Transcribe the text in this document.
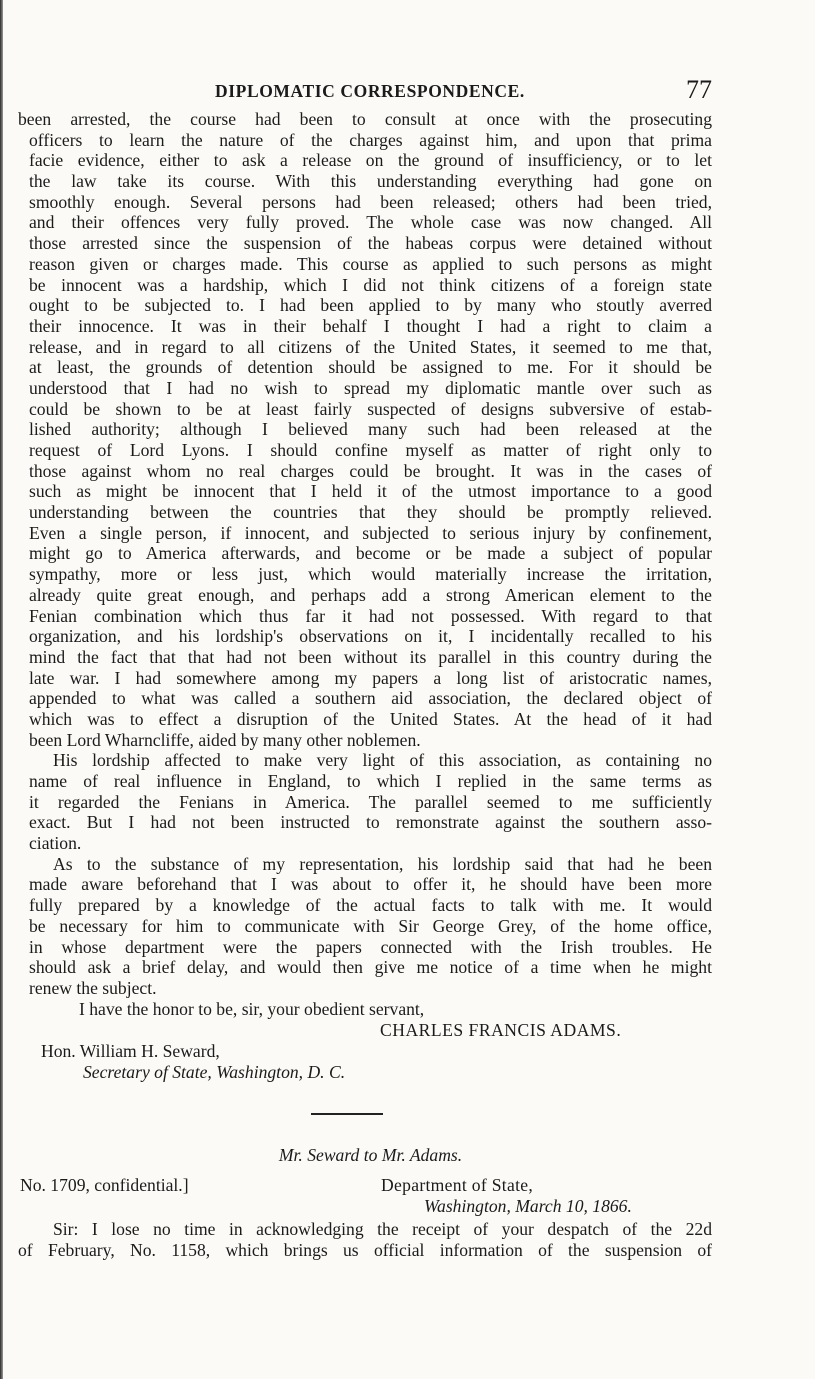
DIPLOMATIC CORRESPONDENCE.	77
been arrested, the course had been to consult at once with the prosecuting
officers to learn the nature of the charges against him, and upon that prima
facie evidence, either to ask a release on the ground of insufficiency, or to let
the law take its course. With this understanding everything had gone on
smoothly enough. Several persons had been released; others had been tried,
and their offences very fully proved. The whole case was now changed. All
those arrested since the suspension of the habeas corpus were detained without
reason given or charges made. This course as applied to such persons as might
be innocent was a hardship, which I did not think citizens of a foreign state
ought to be subjected to. I had been applied to by many who stoutly averred
their innocence. It was in their behalf I thought I had a right to claim a
release, and in regard to all citizens of the United States, it seemed to me that,
at least, the grounds of detention should be assigned to me. For it should be
understood that I had no wish to spread my diplomatic mantle over such as
could be shown to be at least fairly suspected of designs subversive of estab-
lished authority; although I believed many such had been released at the
request of Lord Lyons. I should confine myself as matter of right only to
those against whom no real charges could be brought. It was in the cases of
such as might be innocent that I held it of the utmost importance to a good
understanding between the countries that they should be promptly relieved.
Even a single person, if innocent, and subjected to serious injury by confinement,
might go to America afterwards, and become or be made a subject of popular
sympathy, more or less just, which would materially increase the irritation,
already quite great enough, and perhaps add a strong American element to the
Fenian combination which thus far it had not possessed. With regard to that
organization, and his lordship's observations on it, I incidentally recalled to his
mind the fact that that had not been without its parallel in this country during the
late war. I had somewhere among my papers a long list of aristocratic names,
appended to what was called a southern aid association, the declared object of
which was to effect a disruption of the United States. At the head of it had
been Lord Wharncliffe, aided by many other noblemen.
His lordship affected to make very light of this association, as containing no
name of real influence in England, to which I replied in the same terms as
it regarded the Fenians in America. The parallel seemed to me sufficiently
exact. But I had not been instructed to remonstrate against the southern asso-
ciation.
As to the substance of my representation, his lordship said that had he been
made aware beforehand that I was about to offer it, he should have been more
fully prepared by a knowledge of the actual facts to talk with me. It would
be necessary for him to communicate with Sir George Grey, of the home office,
in whose department were the papers connected with the Irish troubles. He
should ask a brief delay, and would then give me notice of a time when he might
renew the subject.
I have the honor to be, sir, your obedient servant,
CHARLES FRANCIS ADAMS.
Hon. William H. Seward,
Secretary of State, Washington, D. C.
Mr. Seward to Mr. Adams.
No. 1709, confidential.]	Department of State,
Washington, March 10, 1866.
Sir: I lose no time in acknowledging the receipt of your despatch of the 22d
of February, No. 1158, which brings us official information of the suspension of
